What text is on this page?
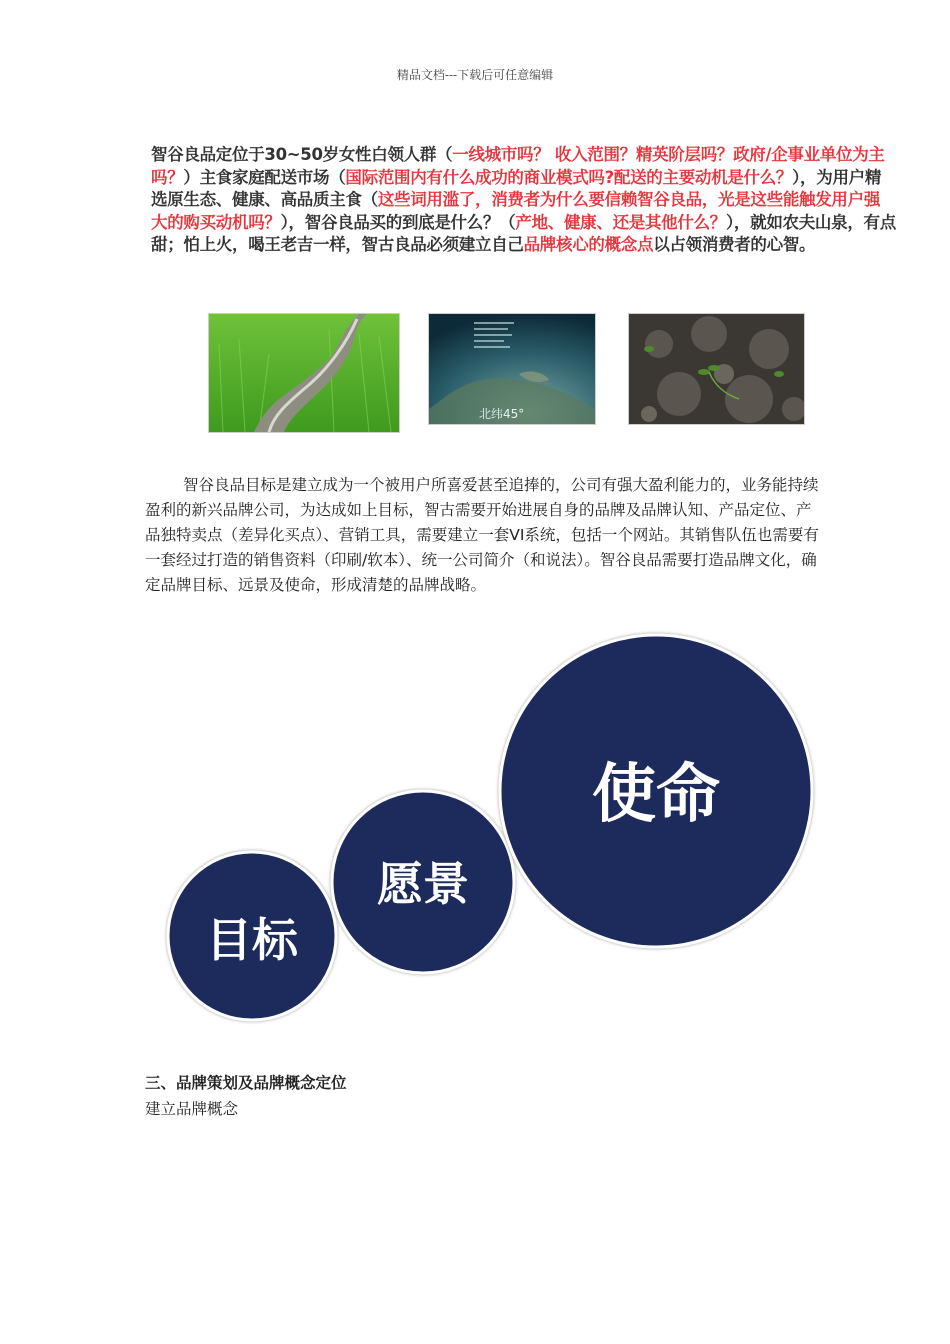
精品文档---下载后可任意编辑
智谷良品定位于30~50岁女性白领人群（一线城市吗？ 收入范围？精英阶层吗？政府/企事业单位为主吗？）主食家庭配送市场（国际范围内有什么成功的商业模式吗?配送的主要动机是什么？），为用户精选原生态、健康、高品质主食（这些词用滥了，消费者为什么要信赖智谷良品，光是这些能触发用户强大的购买动机吗？），智谷良品买的到底是什么？（产地、健康、还是其他什么？），就如农夫山泉，有点甜；怕上火，喝王老吉一样，智古良品必须建立自己品牌核心的概念点以占领消费者的心智。
北纬45°

智谷良品目标是建立成为一个被用户所喜爱甚至追捧的，公司有强大盈利能力的，业务能持续盈利的新兴品牌公司，为达成如上目标，智古需要开始进展自身的品牌及品牌认知、产品定位、产品独特卖点（差异化买点）、营销工具，需要建立一套VI系统，包括一个网站。其销售队伍也需要有一套经过打造的销售资料（印刷/软本）、统一公司简介（和说法）。智谷良品需要打造品牌文化，确定品牌目标、远景及使命，形成清楚的品牌战略。

目标
愿景
使命
三、品牌策划及品牌概念定位
建立品牌概念
